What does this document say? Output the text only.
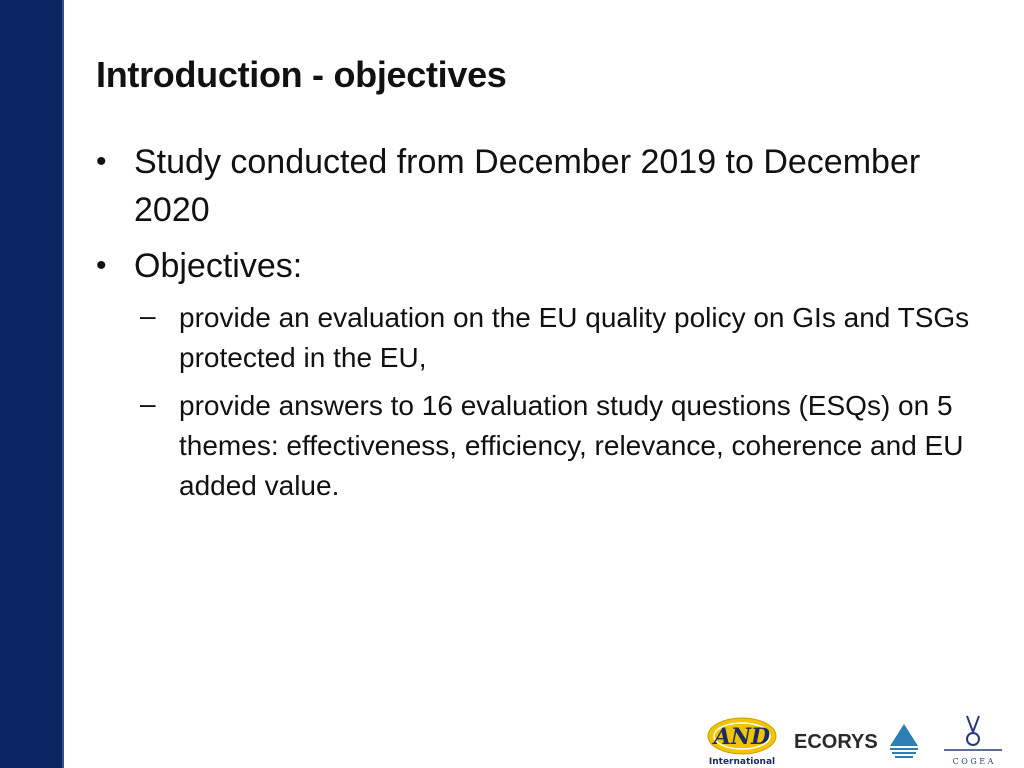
Introduction - objectives
• Study conducted from December 2019 to December 2020
• Objectives:
– provide an evaluation on the EU quality policy on GIs and TSGs protected in the EU,
– provide answers to 16 evaluation study questions (ESQs) on 5 themes: effectiveness, efficiency, relevance, coherence and EU added value.
AND
International
ECORYS
C O G E A
